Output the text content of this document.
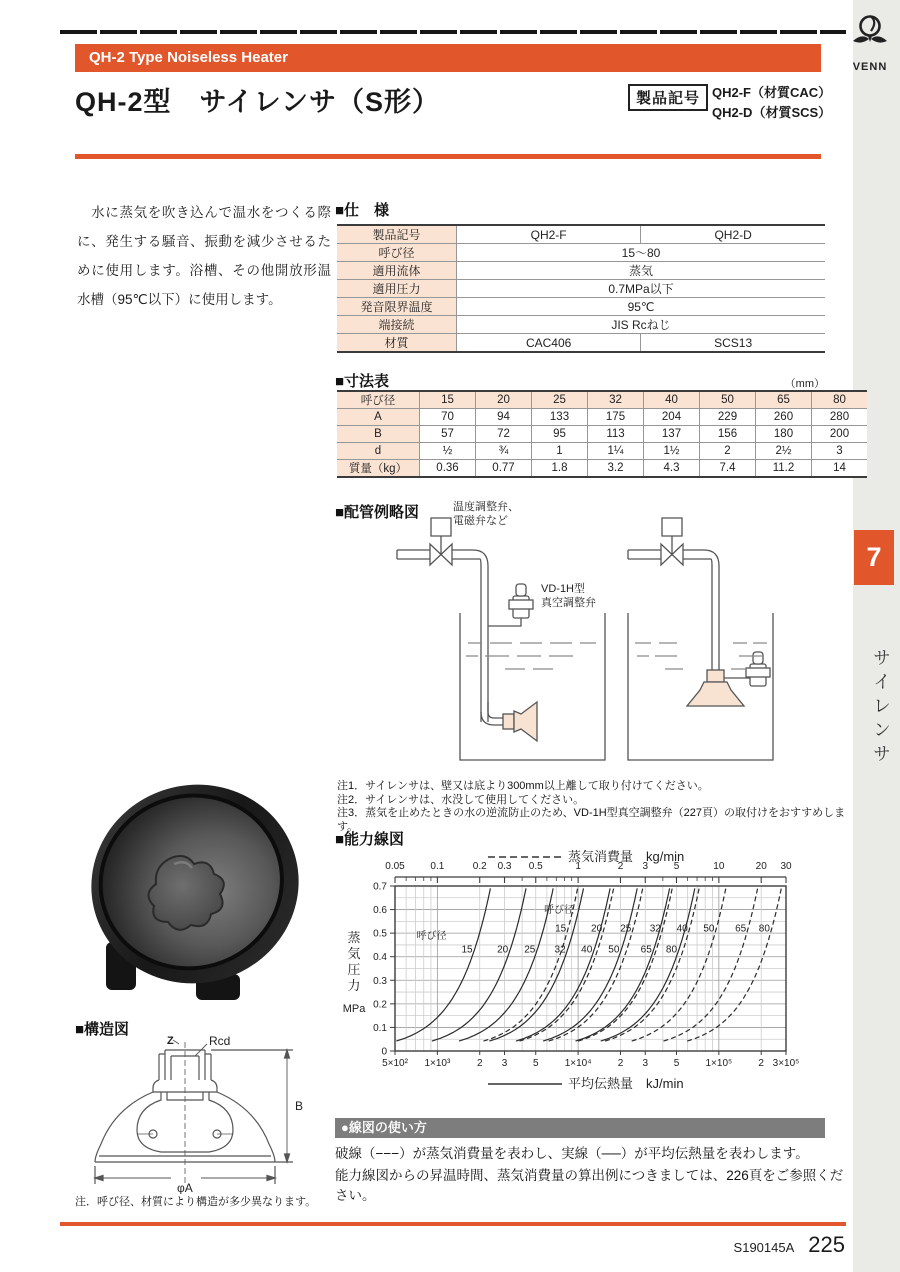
QH-2 Type Noiseless Heater
VENN
QH-2型　サイレンサ（S形）	製品記号 QH2-F（材質CAC）
QH2-D（材質SCS）
　水に蒸気を吹き込んで温水をつくる際に、発生する騒音、振動を減少させるために使用します。浴槽、その他開放形温水槽（95℃以下）に使用します。
■仕　様
製品記号	QH2-F	QH2-D
呼び径	15～80	
適用流体	蒸気	
適用圧力	0.7MPa以下	
発音限界温度	95℃	
端接続	JIS Rcねじ	
材質	CAC406	SCS13
■寸法表	（mm）
呼び径	15	20	25	32	40	50	65	80
A	70	94	133	175	204	229	260	280
B	57	72	95	113	137	156	180	200
d	½	¾	1	1¼	1½	2	2½	3
質量（kg）	0.36	0.77	1.8	3.2	4.3	7.4	11.2	14
■配管例略図	温度調整弁、
電磁弁など
VD-1H型
真空調整弁
注1．サイレンサは、壁又は底より300mm以上離して取り付けてください。
注2．サイレンサは、水没して使用してください。
注3．蒸気を止めたときの水の逆流防止のため、VD-1H型真空調整弁（227頁）の取付けをおすすめします。
■能力線図
0
0.1
0.2
0.3
0.4
0.5
0.6
0.7
蒸
気
圧
力
MPa
0.05	0.1	0.2 0.3 0.5	1	2 3	5	10	20 30
5×10² 1×10³	2 3	5	1×10⁴	2 3	5	1×10⁵	2 3×10⁵
蒸気消費量　kg/min
平均伝熱量　kJ/min
15
15
20
20
25
25
32
32
40
40
50
50
65
65
80
80
呼び径
呼び径
■構造図
Z	Rcd
B
φA
注．呼び径、材質により構造が多少異なります。
●線図の使い方
破線（−−−）が蒸気消費量を表わし、実線（──）が平均伝熱量を表わします。
能力線図からの昇温時間、蒸気消費量の算出例につきましては、226頁をご参照ください。
S190145A 225
7
サイレンサ
